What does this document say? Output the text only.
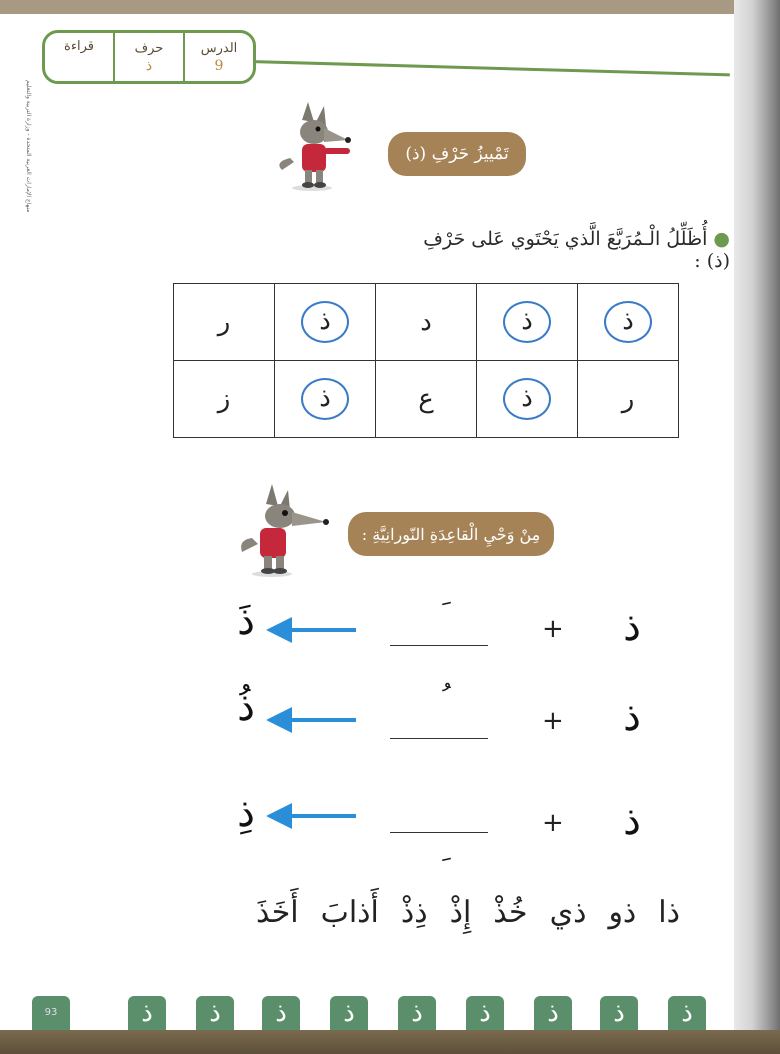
الدرس
9
حرف
ذ
قراءة
منهاج الإمارات العربية المتحدة - وزارة التربية والتعليم	تَمْييزُ حَرْفِ (ذ)
● أُظَلِّلُ الْـمُرَبَّعَ الَّذي يَحْتَوي عَلى حَرْفِ (ذ) :
ر	ذ	د	ذ	ذ
ز	ذ	ع	ذ	ر
مِنْ وَحْيِ الْقاعِدَةِ النّورانِيَّةِ :
ذ
+
ذَ
ذ
+
ذُ
ذ
+
ذِ
ذا
ذو
ذي
خُذْ
إِذْ
ذِذْ
أَذابَ
أَخَذَ
93	ذ	ذ	ذ	ذ	ذ	ذ	ذ	ذ	ذ
